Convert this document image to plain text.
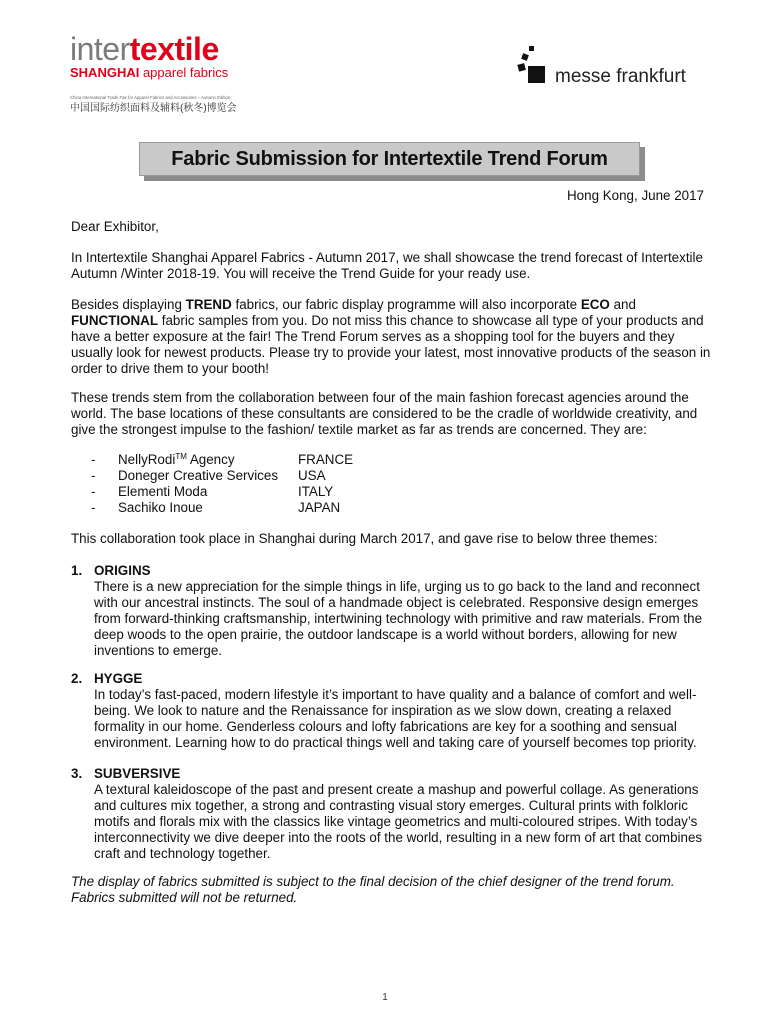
intertextile
SHANGHAI apparel fabrics
China International Trade Fair for Apparel Fabrics and Accessories – Autumn Edition
中国国际纺织面料及辅料(秋冬)博览会
messe frankfurt
Fabric Submission for Intertextile Trend Forum
Hong Kong, June 2017
Dear Exhibitor,
In Intertextile Shanghai Apparel Fabrics - Autumn 2017, we shall showcase the trend forecast of Intertextile Autumn /Winter 2018-19. You will receive the Trend Guide for your ready use.
Besides displaying TREND fabrics, our fabric display programme will also incorporate ECO and FUNCTIONAL fabric samples from you. Do not miss this chance to showcase all type of your products and have a better exposure at the fair! The Trend Forum serves as a shopping tool for the buyers and they usually look for newest products. Please try to provide your latest, most innovative products of the season in order to drive them to your booth!
These trends stem from the collaboration between four of the main fashion forecast agencies around the world. The base locations of these consultants are considered to be the cradle of worldwide creativity, and give the strongest impulse to the fashion/ textile market as far as trends are concerned. They are:
- NellyRodi™ Agency	FRANCE
- Doneger Creative Services USA
- Elementi Moda	ITALY
- Sachiko Inoue	JAPAN
This collaboration took place in Shanghai during March 2017, and gave rise to below three themes:
1. ORIGINS
There is a new appreciation for the simple things in life, urging us to go back to the land and reconnect with our ancestral instincts. The soul of a handmade object is celebrated. Responsive design emerges from forward-thinking craftsmanship, intertwining technology with primitive and raw materials. From the deep woods to the open prairie, the outdoor landscape is a world without borders, allowing for new inventions to emerge.
2. HYGGE
In today’s fast-paced, modern lifestyle it’s important to have quality and a balance of comfort and well-being. We look to nature and the Renaissance for inspiration as we slow down, creating a relaxed formality in our home. Genderless colours and lofty fabrications are key for a soothing and sensual environment. Learning how to do practical things well and taking care of yourself becomes top priority.
3. SUBVERSIVE
A textural kaleidoscope of the past and present create a mashup and powerful collage. As generations and cultures mix together, a strong and contrasting visual story emerges. Cultural prints with folkloric motifs and florals mix with the classics like vintage geometrics and multi-coloured stripes. With today’s interconnectivity we dive deeper into the roots of the world, resulting in a new form of art that combines craft and technology together.
The display of fabrics submitted is subject to the final decision of the chief designer of the trend forum. Fabrics submitted will not be returned.
1
